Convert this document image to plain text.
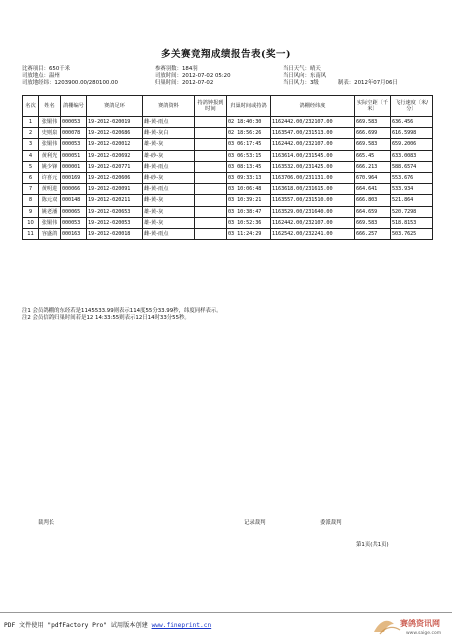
多关赛竞翔成绩报告表(奖一)
比赛项目：650千米	参赛羽数：184羽	当日天气：晴天
司放地点：温州	司放时间：2012-07-02 05:20	当日风向：东南风
司放地经纬：1203900.00/280100.00	归巢时间：2012-07-02	当日风力：3级	制表：2012年07月06日
名次	姓名	鸽棚编号	赛鸽足环	赛鸽资料	持鸽钟报到时间	归巢时间或持鸽	鸽棚经纬度	实际空距〔千米〕	飞行速度〔米/分〕
1	张铜伟	000053	19-2012-020019	雌-黄-雨点		02 18:40:30	1162442.00/232107.00	669.583	636.456
2	史则泉	000078	19-2012-020686	雌-黄-灰白		02 18:56:26	1163547.00/231513.00	666.699	616.5998
3	张铜伟	000053	19-2012-020012	雄-黄-灰		03 06:17:45	1162442.00/232107.00	669.583	659.2006
4	黄利光	000051	19-2012-020692	雄-砂-灰		03 06:53:15	1163614.00/231545.00	665.45	633.0083
5	姚少锋	000001	19-2012-020771	雌-黄-雨点		03 08:13:45	1163532.00/231425.00	666.213	588.6574
6	许喜元	000169	19-2012-020606	雌-砂-灰		03 09:33:13	1163706.00/231131.00	670.964	553.676
7	黄明进	000066	19-2012-020091	雌-黄-雨点		03 10:06:48	1163618.00/231615.00	664.641	533.934
8	陈元双	000148	19-2012-020211	雌-黄-灰		03 10:39:21	1163557.00/231510.00	666.803	521.864
9	姚老潘	000065	19-2012-020653	雄-黄-灰		03 10:38:47	1163529.00/231640.00	664.659	520.7298
10	张铜伟	000053	19-2012-020053	雄-黄-灰		03 10:52:36	1162442.00/232107.00	669.583	518.8153
11	容盛鸽	000163	19-2012-020018	雌-黄-雨点		03 11:24:29	1162542.00/232241.00	666.257	503.7625
注1 会员鸽棚的东经若是1145533.99则表示114度55分33.99秒，纬度同样表示。
注2 会员信鸽归巢时间若是12 14:33:55则表示12日14时33分55秒。
裁判长	记录裁判	委派裁判
第1页(共1页)
PDF 文件使用 "pdfFactory Pro" 试用版本创建 www.fineprint.cn	赛鸽资讯网
www.saige.com
